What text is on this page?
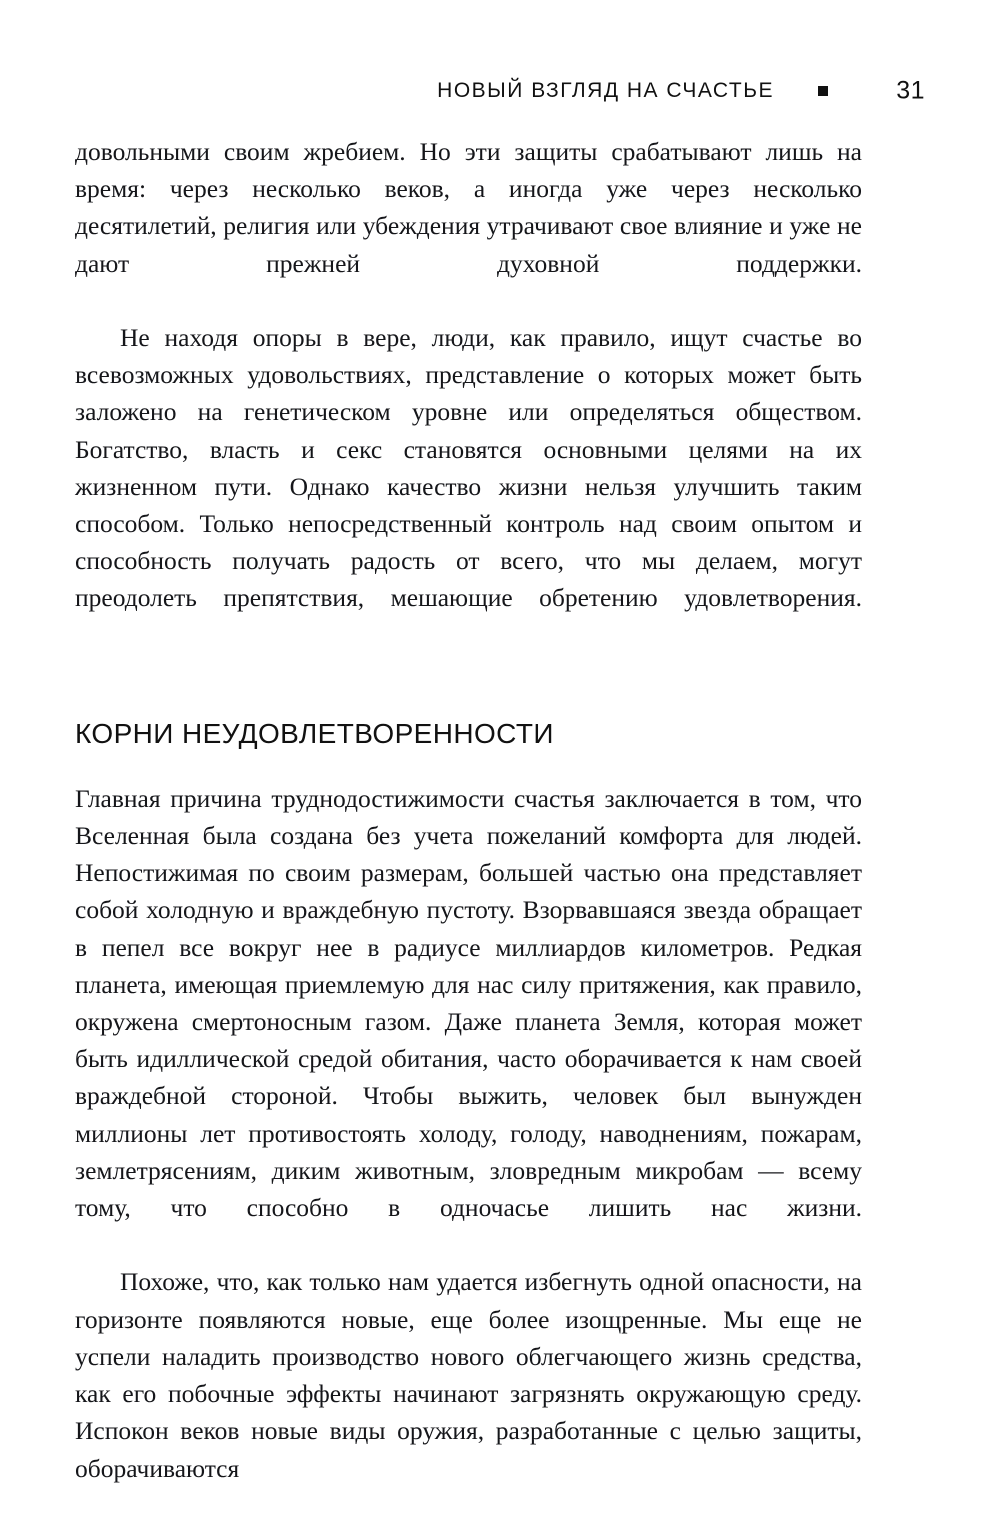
НОВЫЙ ВЗГЛЯД НА СЧАСТЬЕ	31

довольными своим жребием. Но эти защиты срабатывают лишь на время: через несколько веков, а иногда уже через несколько десятилетий, религия или убеждения утрачивают свое влияние и уже не дают прежней духовной поддержки.

Не находя опоры в вере, люди, как правило, ищут счастье во всевозможных удовольствиях, представление о которых может быть заложено на генетическом уровне или определяться обществом. Богатство, власть и секс становятся основными целями на их жизненном пути. Однако качество жизни нельзя улучшить таким способом. Только непосредственный контроль над своим опытом и способность получать радость от всего, что мы делаем, могут преодолеть препятствия, мешающие обретению удовлетворения.

КОРНИ НЕУДОВЛЕТВОРЕННОСТИ

Главная причина труднодостижимости счастья заключается в том, что Вселенная была создана без учета пожеланий комфорта для людей. Непостижимая по своим размерам, большей частью она представляет собой холодную и враждебную пустоту. Взорвавшаяся звезда обращает в пепел все вокруг нее в радиусе миллиардов километров. Редкая планета, имеющая приемлемую для нас силу притяжения, как правило, окружена смертоносным газом. Даже планета Земля, которая может быть идиллической средой обитания, часто оборачивается к нам своей враждебной стороной. Чтобы выжить, человек был вынужден миллионы лет противостоять холоду, голоду, наводнениям, пожарам, землетрясениям, диким животным, зловредным микробам — всему тому, что способно в одночасье лишить нас жизни.

Похоже, что, как только нам удается избегнуть одной опасности, на горизонте появляются новые, еще более изощренные. Мы еще не успели наладить производство нового облегчающего жизнь средства, как его побочные эффекты начинают загрязнять окружающую среду. Испокон веков новые виды оружия, разработанные с целью защиты, оборачиваются
